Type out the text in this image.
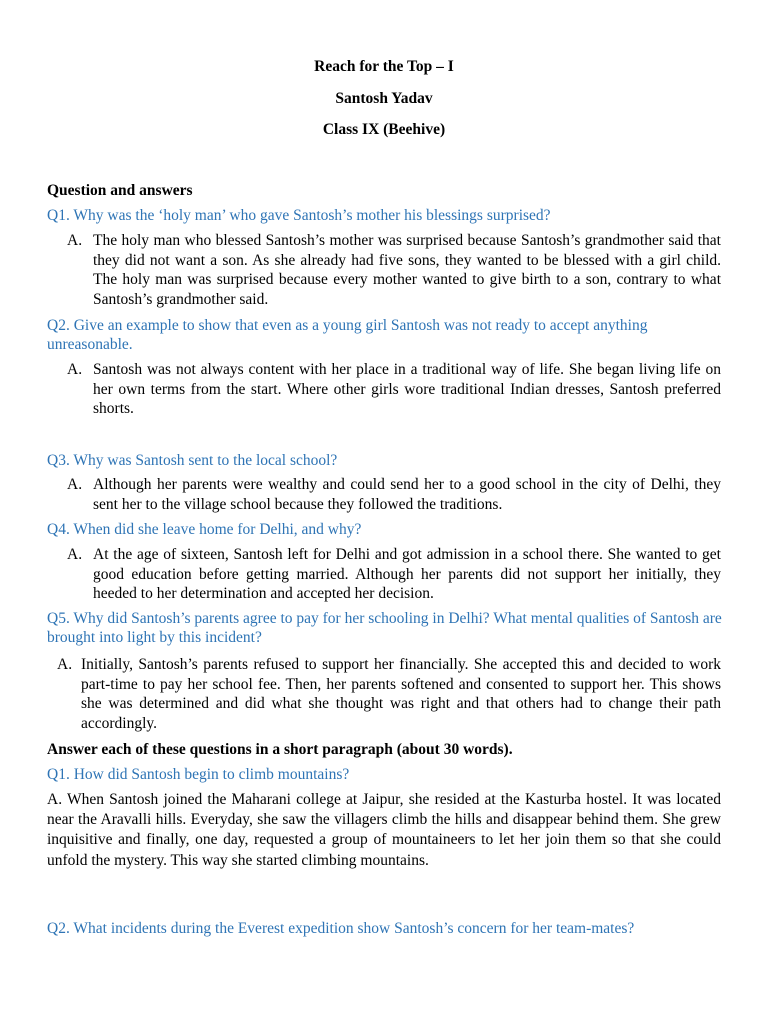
Reach for the Top – I
Santosh Yadav
Class IX (Beehive)
Question and answers
Q1. Why was the ‘holy man’ who gave Santosh’s mother his blessings surprised?
A. The holy man who blessed Santosh’s mother was surprised because Santosh’s grandmother said that they did not want a son. As she already had five sons, they wanted to be blessed with a girl child. The holy man was surprised because every mother wanted to give birth to a son, contrary to what Santosh’s grandmother said.
Q2. Give an example to show that even as a young girl Santosh was not ready to accept anything unreasonable.
A. Santosh was not always content with her place in a traditional way of life. She began living life on her own terms from the start. Where other girls wore traditional Indian dresses, Santosh preferred shorts.
Q3. Why was Santosh sent to the local school?
A. Although her parents were wealthy and could send her to a good school in the city of Delhi, they sent her to the village school because they followed the traditions.
Q4. When did she leave home for Delhi, and why?
A. At the age of sixteen, Santosh left for Delhi and got admission in a school there. She wanted to get good education before getting married. Although her parents did not support her initially, they heeded to her determination and accepted her decision.
Q5. Why did Santosh’s parents agree to pay for her schooling in Delhi? What mental qualities of Santosh are brought into light by this incident?
A. Initially, Santosh’s parents refused to support her financially. She accepted this and decided to work part-time to pay her school fee. Then, her parents softened and consented to support her. This shows she was determined and did what she thought was right and that others had to change their path accordingly.
Answer each of these questions in a short paragraph (about 30 words).
Q1. How did Santosh begin to climb mountains?
A. When Santosh joined the Maharani college at Jaipur, she resided at the Kasturba hostel. It was located near the Aravalli hills. Everyday, she saw the villagers climb the hills and disappear behind them. She grew inquisitive and finally, one day, requested a group of mountaineers to let her join them so that she could unfold the mystery. This way she started climbing mountains.
Q2. What incidents during the Everest expedition show Santosh’s concern for her team-mates?
